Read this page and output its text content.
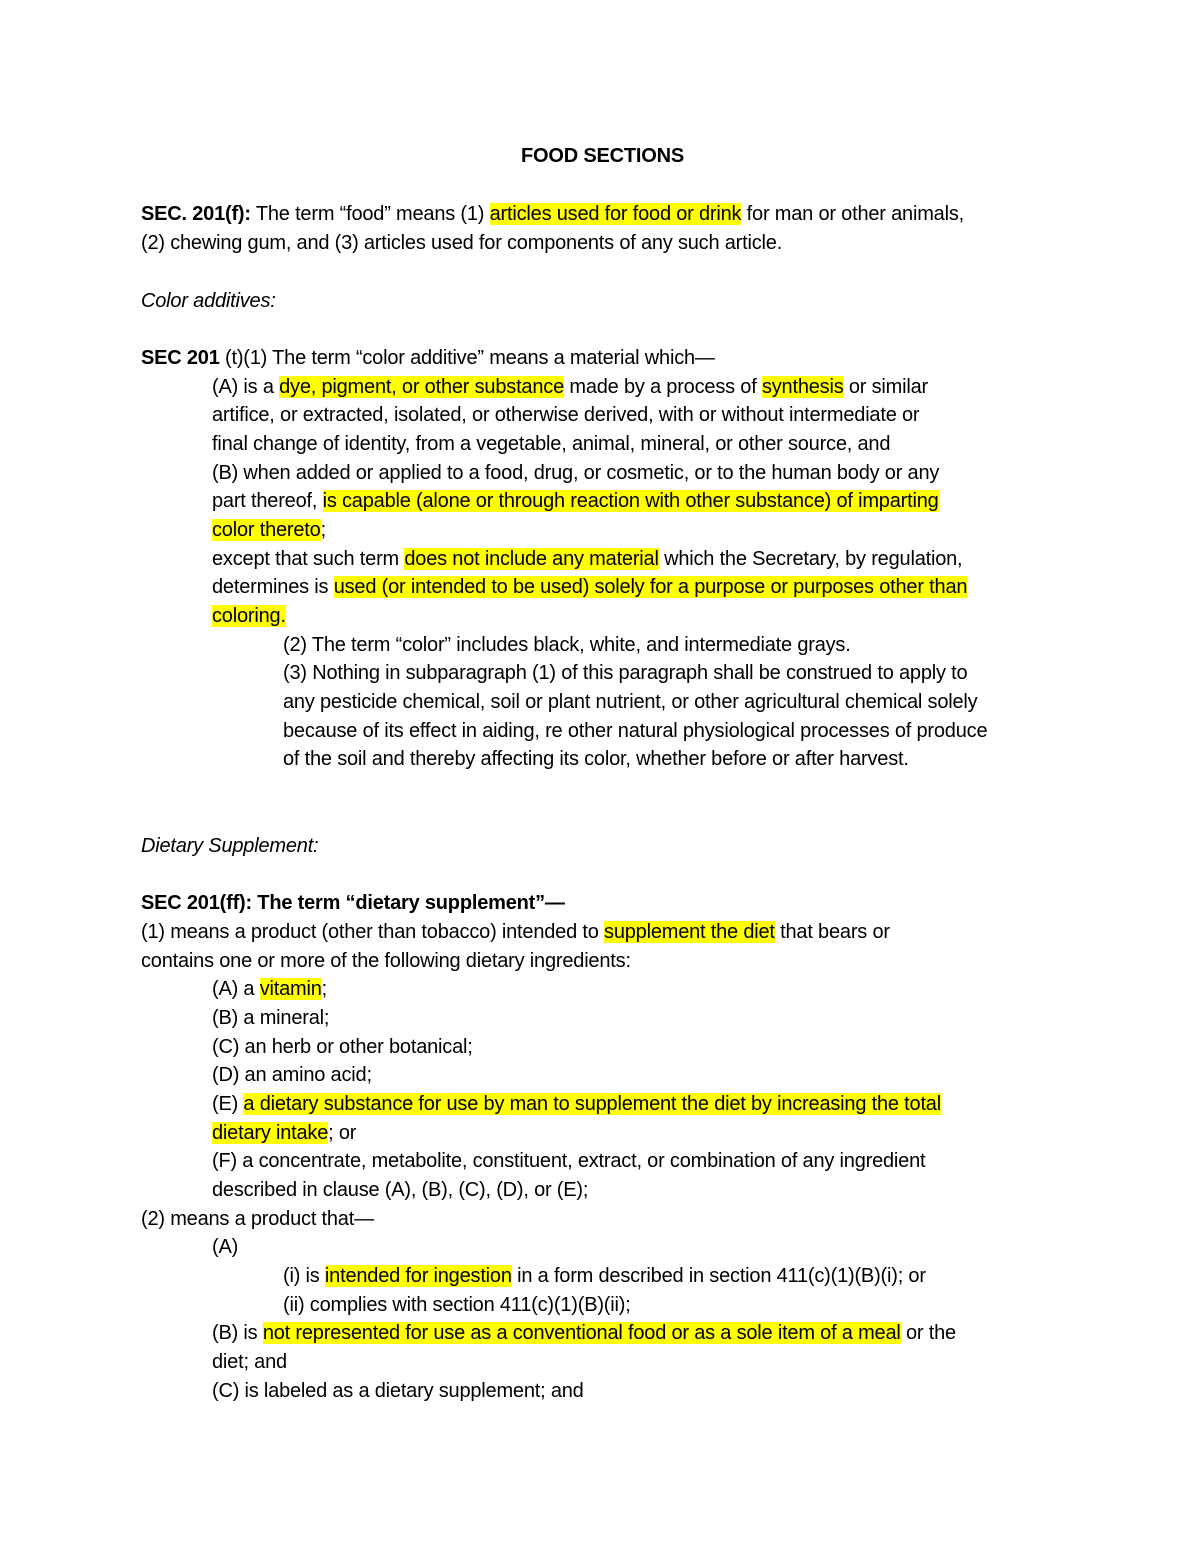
FOOD SECTIONS
SEC. 201(f): The term “food” means (1) articles used for food or drink for man or other animals,
(2) chewing gum, and (3) articles used for components of any such article.
Color additives:
SEC 201 (t)(1) The term “color additive” means a material which—
(A) is a dye, pigment, or other substance made by a process of synthesis or similar
artifice, or extracted, isolated, or otherwise derived, with or without intermediate or
final change of identity, from a vegetable, animal, mineral, or other source, and
(B) when added or applied to a food, drug, or cosmetic, or to the human body or any
part thereof, is capable (alone or through reaction with other substance) of imparting
color thereto;
except that such term does not include any material which the Secretary, by regulation,
determines is used (or intended to be used) solely for a purpose or purposes other than
coloring.
(2) The term “color” includes black, white, and intermediate grays.
(3) Nothing in subparagraph (1) of this paragraph shall be construed to apply to
any pesticide chemical, soil or plant nutrient, or other agricultural chemical solely
because of its effect in aiding, re other natural physiological processes of produce
of the soil and thereby affecting its color, whether before or after harvest.
Dietary Supplement:
SEC 201(ff): The term “dietary supplement”—
(1) means a product (other than tobacco) intended to supplement the diet that bears or
contains one or more of the following dietary ingredients:
(A) a vitamin;
(B) a mineral;
(C) an herb or other botanical;
(D) an amino acid;
(E) a dietary substance for use by man to supplement the diet by increasing the total
dietary intake; or
(F) a concentrate, metabolite, constituent, extract, or combination of any ingredient
described in clause (A), (B), (C), (D), or (E);
(2) means a product that—
(A)
(i) is intended for ingestion in a form described in section 411(c)(1)(B)(i); or
(ii) complies with section 411(c)(1)(B)(ii);
(B) is not represented for use as a conventional food or as a sole item of a meal or the
diet; and
(C) is labeled as a dietary supplement; and
